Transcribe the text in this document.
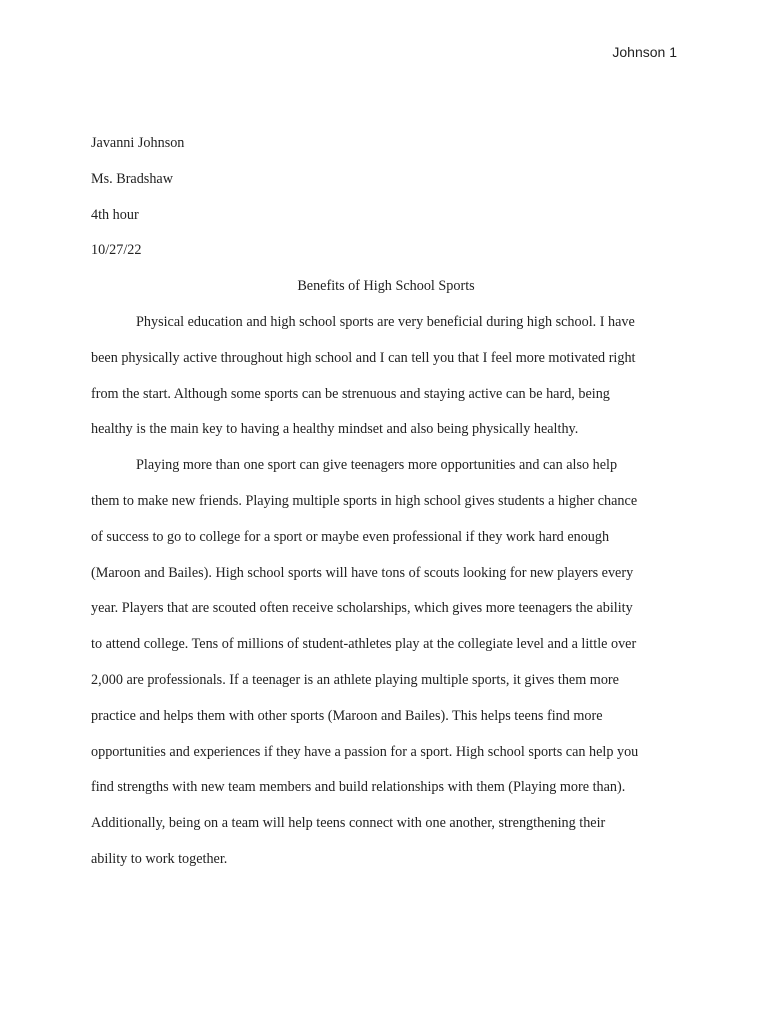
Johnson 1

Javanni Johnson

Ms. Bradshaw

4th hour

10/27/22

Benefits of High School Sports

Physical education and high school sports are very beneficial during high school. I have
been physically active throughout high school and I can tell you that I feel more motivated right
from the start. Although some sports can be strenuous and staying active can be hard, being
healthy is the main key to having a healthy mindset and also being physically healthy.

Playing more than one sport can give teenagers more opportunities and can also help
them to make new friends. Playing multiple sports in high school gives students a higher chance
of success to go to college for a sport or maybe even professional if they work hard enough
(Maroon and Bailes). High school sports will have tons of scouts looking for new players every
year. Players that are scouted often receive scholarships, which gives more teenagers the ability
to attend college. Tens of millions of student-athletes play at the collegiate level and a little over
2,000 are professionals. If a teenager is an athlete playing multiple sports, it gives them more
practice and helps them with other sports (Maroon and Bailes). This helps teens find more
opportunities and experiences if they have a passion for a sport. High school sports can help you
find strengths with new team members and build relationships with them (Playing more than).
Additionally, being on a team will help teens connect with one another, strengthening their
ability to work together.
